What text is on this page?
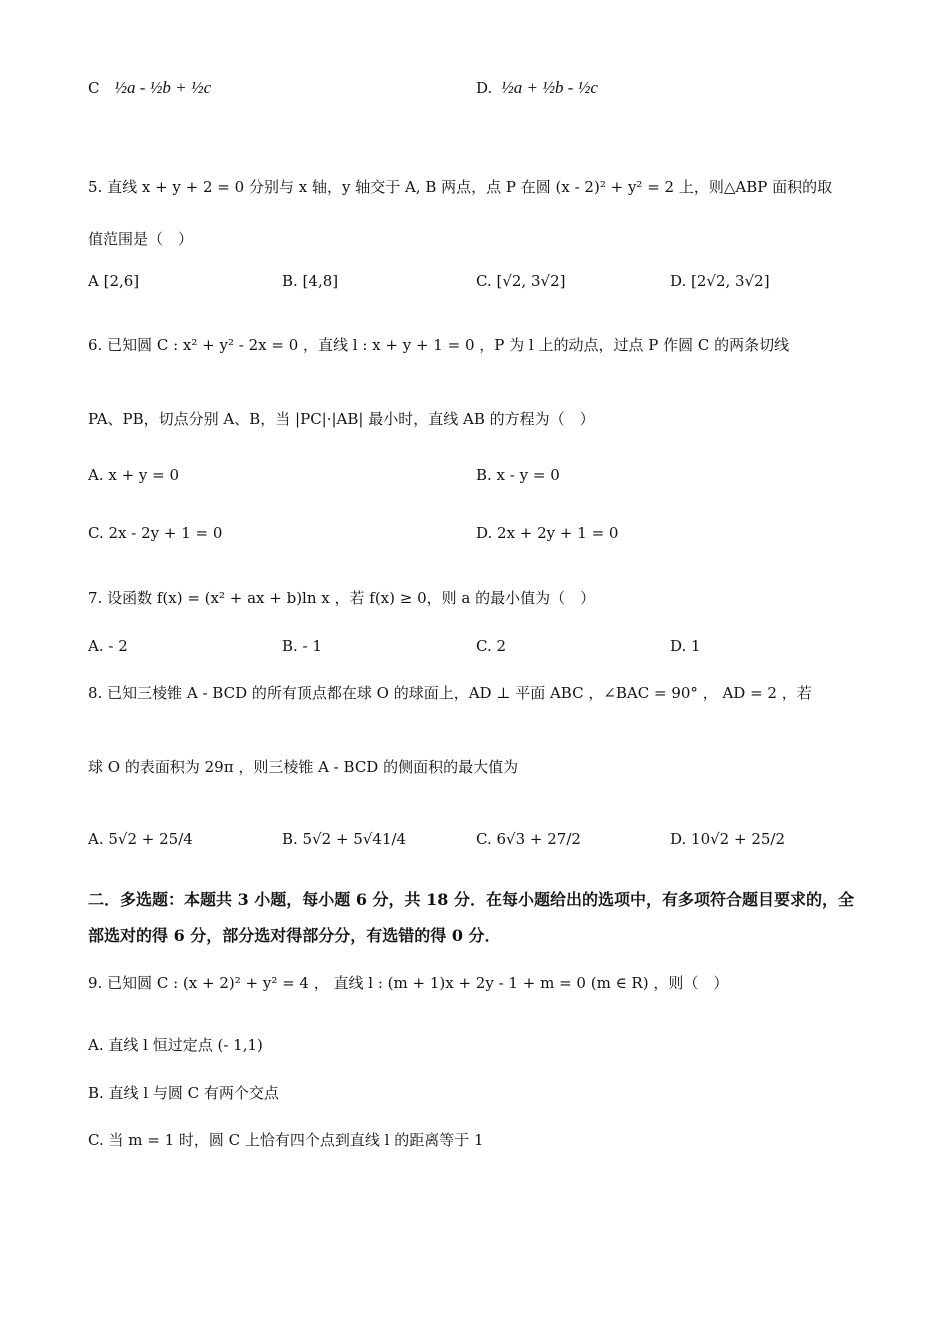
C ½a - ½b + ½c	D. ½a + ½b - ½c
5. 直线 x + y + 2 = 0 分别与 x 轴，y 轴交于 A, B 两点，点 P 在圆 (x - 2)² + y² = 2 上，则△ABP 面积的取
值范围是（　）
A [2,6]	B. [4,8]	C. [√2, 3√2]	D. [2√2, 3√2]
6. 已知圆 C : x² + y² - 2x = 0 ，直线 l : x + y + 1 = 0 ，P 为 l 上的动点，过点 P 作圆 C 的两条切线
PA、PB，切点分别 A、B，当 |PC|·|AB| 最小时，直线 AB 的方程为（　）
A. x + y = 0	B. x - y = 0
C. 2x - 2y + 1 = 0	D. 2x + 2y + 1 = 0
7. 设函数 f(x) = (x² + ax + b)ln x ，若 f(x) ≥ 0，则 a 的最小值为（　）
A. - 2	B. - 1	C. 2	D. 1
8. 已知三棱锥 A - BCD 的所有顶点都在球 O 的球面上，AD ⊥ 平面 ABC ，∠BAC = 90° ， AD = 2 ，若
球 O 的表面积为 29π ，则三棱锥 A - BCD 的侧面积的最大值为
A. 5√2 + 25/4	B. 5√2 + 5√41/4	C. 6√3 + 27/2	D. 10√2 + 25/2
二．多选题：本题共 3 小题，每小题 6 分，共 18 分．在每小题给出的选项中，有多项符合题目要求的，全部选对的得 6 分，部分选对得部分分，有选错的得 0 分．
9. 已知圆 C : (x + 2)² + y² = 4 ， 直线 l : (m + 1)x + 2y - 1 + m = 0 (m ∈ R) ，则（　）
A. 直线 l 恒过定点 (- 1,1)
B. 直线 l 与圆 C 有两个交点
C. 当 m = 1 时，圆 C 上恰有四个点到直线 l 的距离等于 1
